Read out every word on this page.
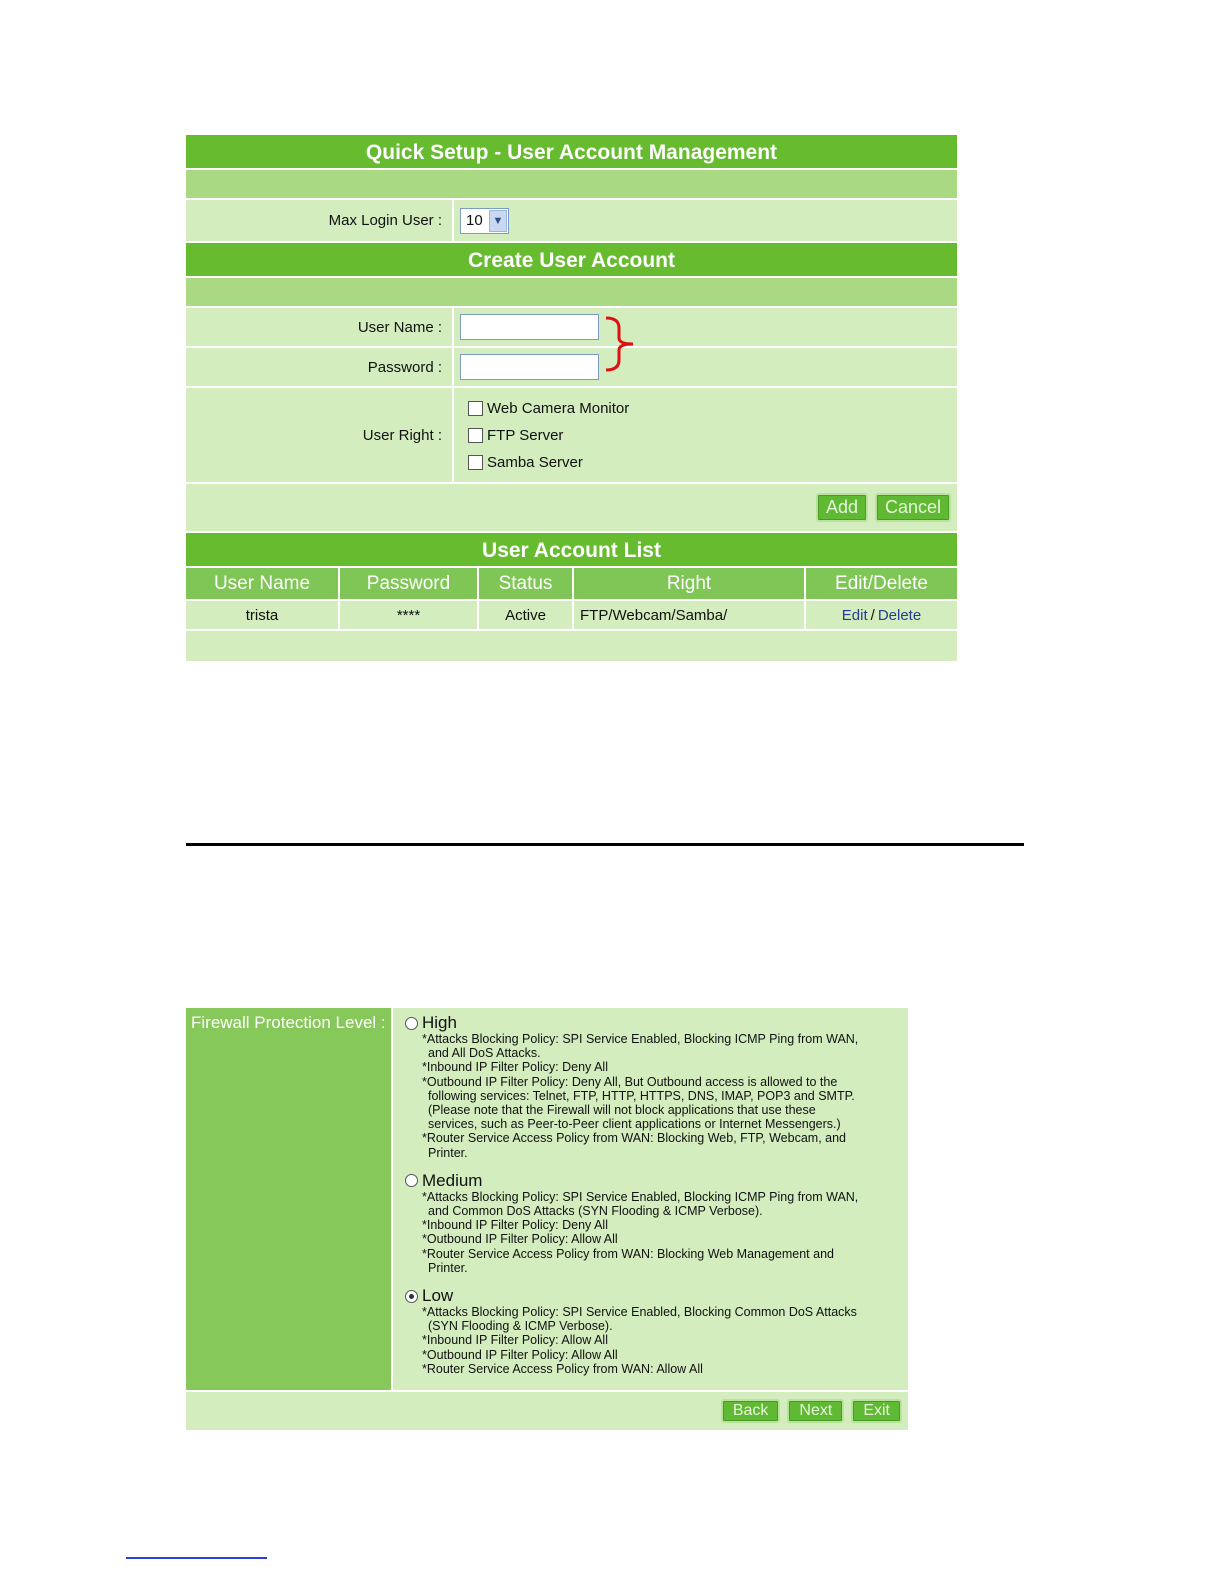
Quick Setup - User Account Management
Max Login User :	10 ▼
Create User Account
User Name :
Password :
User Right :
Web Camera Monitor
FTP Server
Samba Server
Add	Cancel
User Account List
User Name	Password	Status	Right	Edit/Delete
trista	****	Active	FTP/Webcam/Samba/	Edit / Delete
Firewall Protection Level :	High

*Attacks Blocking Policy: SPI Service Enabled, Blocking ICMP Ping from WAN,

and All DoS Attacks.

*Inbound IP Filter Policy: Deny All

*Outbound IP Filter Policy: Deny All, But Outbound access is allowed to the

following services: Telnet, FTP, HTTP, HTTPS, DNS, IMAP, POP3 and SMTP.

(Please note that the Firewall will not block applications that use these

services, such as Peer-to-Peer client applications or Internet Messengers.)

*Router Service Access Policy from WAN: Blocking Web, FTP, Webcam, and

Printer.

Medium

*Attacks Blocking Policy: SPI Service Enabled, Blocking ICMP Ping from WAN,

and Common DoS Attacks (SYN Flooding & ICMP Verbose).

*Inbound IP Filter Policy: Deny All

*Outbound IP Filter Policy: Allow All

*Router Service Access Policy from WAN: Blocking Web Management and

Printer.

Low

*Attacks Blocking Policy: SPI Service Enabled, Blocking Common DoS Attacks

(SYN Flooding & ICMP Verbose).

*Inbound IP Filter Policy: Allow All

*Outbound IP Filter Policy: Allow All

*Router Service Access Policy from WAN: Allow All

Back	Next	Exit
